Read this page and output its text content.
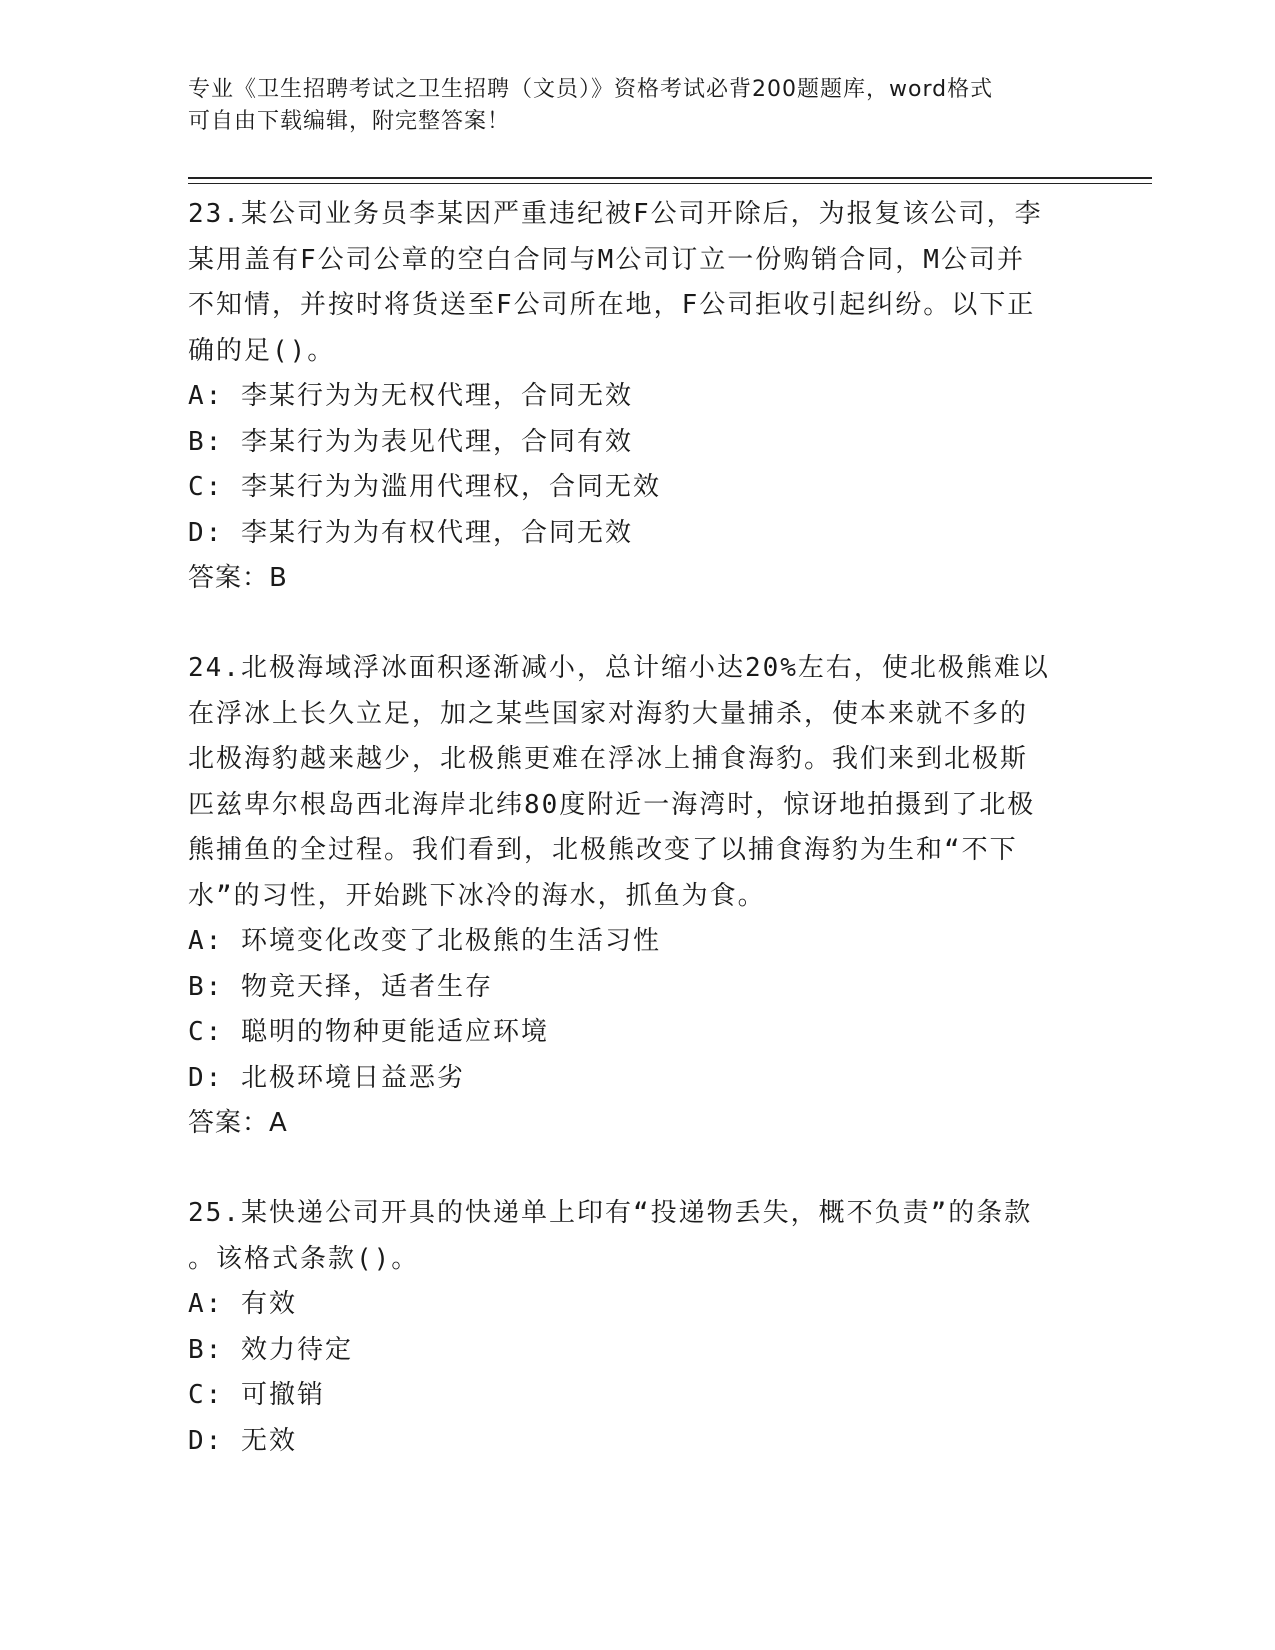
专业《卫生招聘考试之卫生招聘（文员）》资格考试必背200题题库，word格式
可自由下载编辑，附完整答案！

23.某公司业务员李某因严重违纪被F公司开除后，为报复该公司，李

某用盖有F公司公章的空白合同与M公司订立一份购销合同，M公司并

不知情，并按时将货送至F公司所在地，F公司拒收引起纠纷。以下正

确的足()。

A: 李某行为为无权代理，合同无效

B: 李某行为为表见代理，合同有效

C: 李某行为为滥用代理权，合同无效

D: 李某行为为有权代理，合同无效

答案：B

24.北极海域浮冰面积逐渐减小，总计缩小达20%左右，使北极熊难以

在浮冰上长久立足，加之某些国家对海豹大量捕杀，使本来就不多的

北极海豹越来越少，北极熊更难在浮冰上捕食海豹。我们来到北极斯

匹兹卑尔根岛西北海岸北纬80度附近一海湾时，惊讶地拍摄到了北极

熊捕鱼的全过程。我们看到，北极熊改变了以捕食海豹为生和“不下

水”的习性，开始跳下冰冷的海水，抓鱼为食。

A: 环境变化改变了北极熊的生活习性

B: 物竞天择，适者生存

C: 聪明的物种更能适应环境

D: 北极环境日益恶劣

答案：A

25.某快递公司开具的快递单上印有“投递物丢失，概不负责”的条款

。该格式条款()。

A: 有效

B: 效力待定

C: 可撤销

D: 无效
